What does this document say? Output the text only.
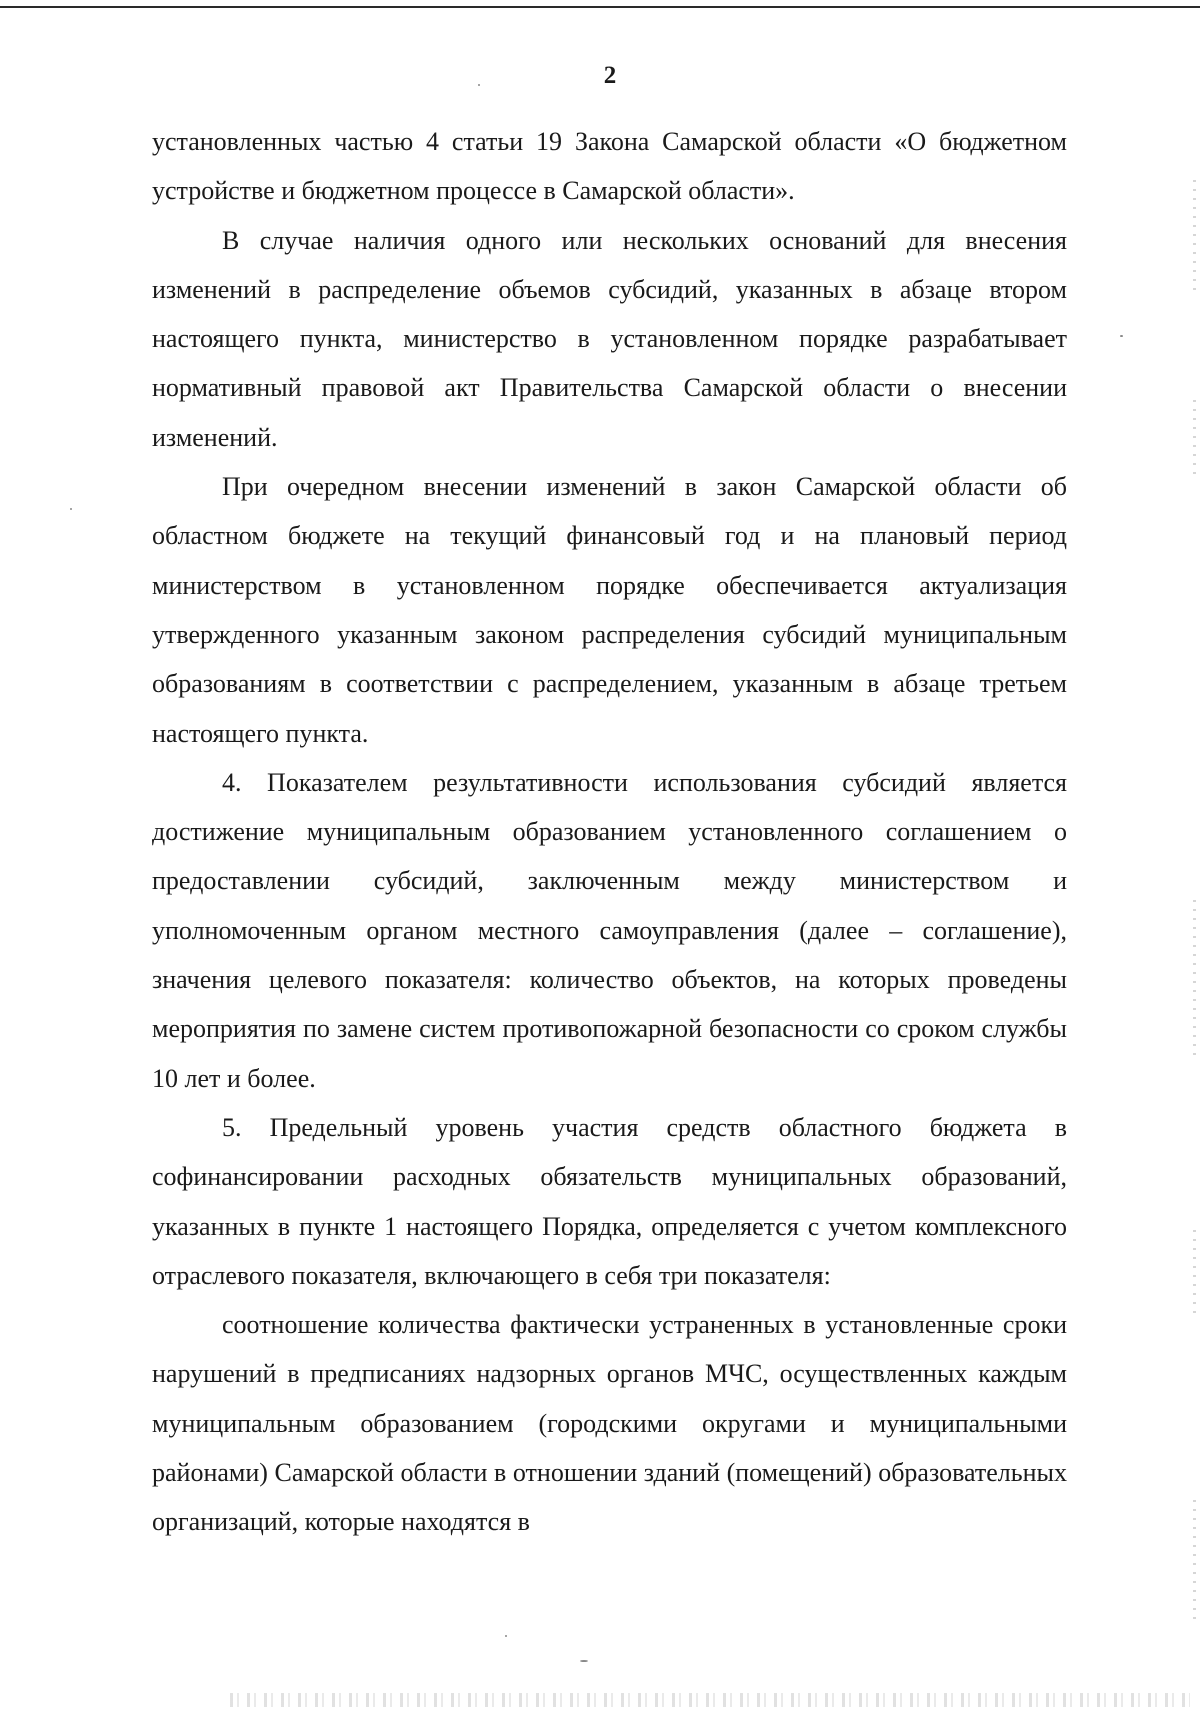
2

установленных частью 4 статьи 19 Закона Самарской области «О бюджетном устройстве и бюджетном процессе в Самарской области».

В случае наличия одного или нескольких оснований для внесения изменений в распределение объемов субсидий, указанных в абзаце втором настоящего пункта, министерство в установленном порядке разрабатывает нормативный правовой акт Правительства Самарской области о внесении изменений.

При очередном внесении изменений в закон Самарской области об областном бюджете на текущий финансовый год и на плановый период министерством в установленном порядке обеспечивается актуализация утвержденного указанным законом распределения субсидий муниципальным образованиям в соответствии с распределением, указанным в абзаце третьем настоящего пункта.

4. Показателем результативности использования субсидий является достижение муниципальным образованием установленного соглашением о предоставлении субсидий, заключенным между министерством и уполномоченным органом местного самоуправления (далее – соглашение), значения целевого показателя: количество объектов, на которых проведены мероприятия по замене систем противопожарной безопасности со сроком службы 10 лет и более.

5. Предельный уровень участия средств областного бюджета в софинансировании расходных обязательств муниципальных образований, указанных в пункте 1 настоящего Порядка, определяется с учетом комплексного отраслевого показателя, включающего в себя три показателя:

соотношение количества фактически устраненных в установленные сроки нарушений в предписаниях надзорных органов МЧС, осуществленных каждым муниципальным образованием (городскими округами и муниципальными районами) Самарской области в отношении зданий (помещений) образовательных организаций, которые находятся в
